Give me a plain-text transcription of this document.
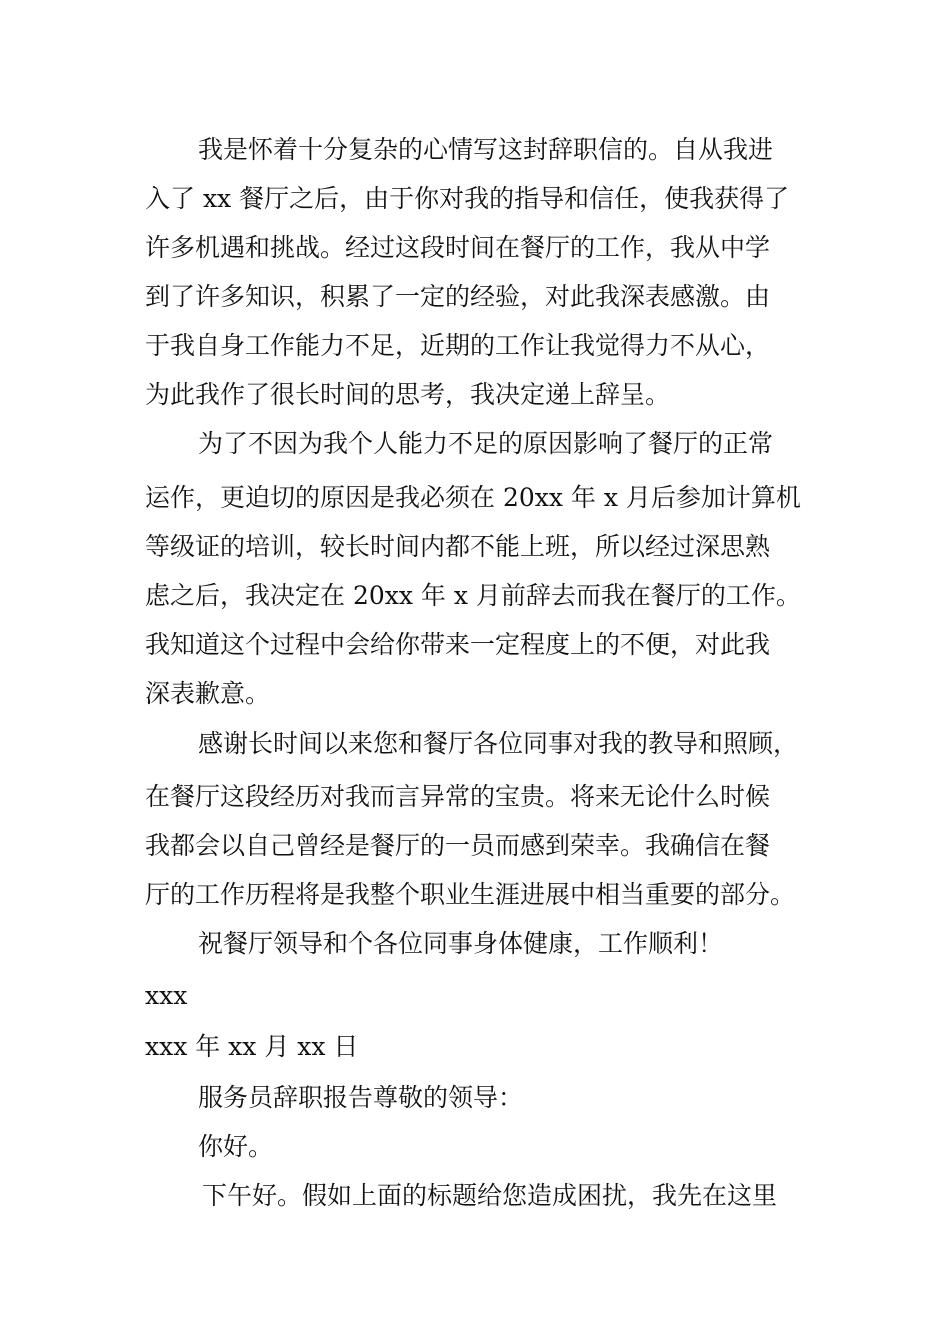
我是怀着十分复杂的心情写这封辞职信的。自从我进
入了 xx 餐厅之后，由于你对我的指导和信任，使我获得了
许多机遇和挑战。经过这段时间在餐厅的工作，我从中学
到了许多知识，积累了一定的经验，对此我深表感激。由
于我自身工作能力不足，近期的工作让我觉得力不从心，
为此我作了很长时间的思考，我决定递上辞呈。
为了不因为我个人能力不足的原因影响了餐厅的正常
运作，更迫切的原因是我必须在 20xx 年 x 月后参加计算机
等级证的培训，较长时间内都不能上班，所以经过深思熟
虑之后，我决定在 20xx 年 x 月前辞去而我在餐厅的工作。
我知道这个过程中会给你带来一定程度上的不便，对此我
深表歉意。
感谢长时间以来您和餐厅各位同事对我的教导和照顾，
在餐厅这段经历对我而言异常的宝贵。将来无论什么时候
我都会以自己曾经是餐厅的一员而感到荣幸。我确信在餐
厅的工作历程将是我整个职业生涯进展中相当重要的部分。
祝餐厅领导和个各位同事身体健康，工作顺利！
xxx
xxx 年 xx 月 xx 日
服务员辞职报告尊敬的领导：
你好。
下午好。假如上面的标题给您造成困扰，我先在这里
